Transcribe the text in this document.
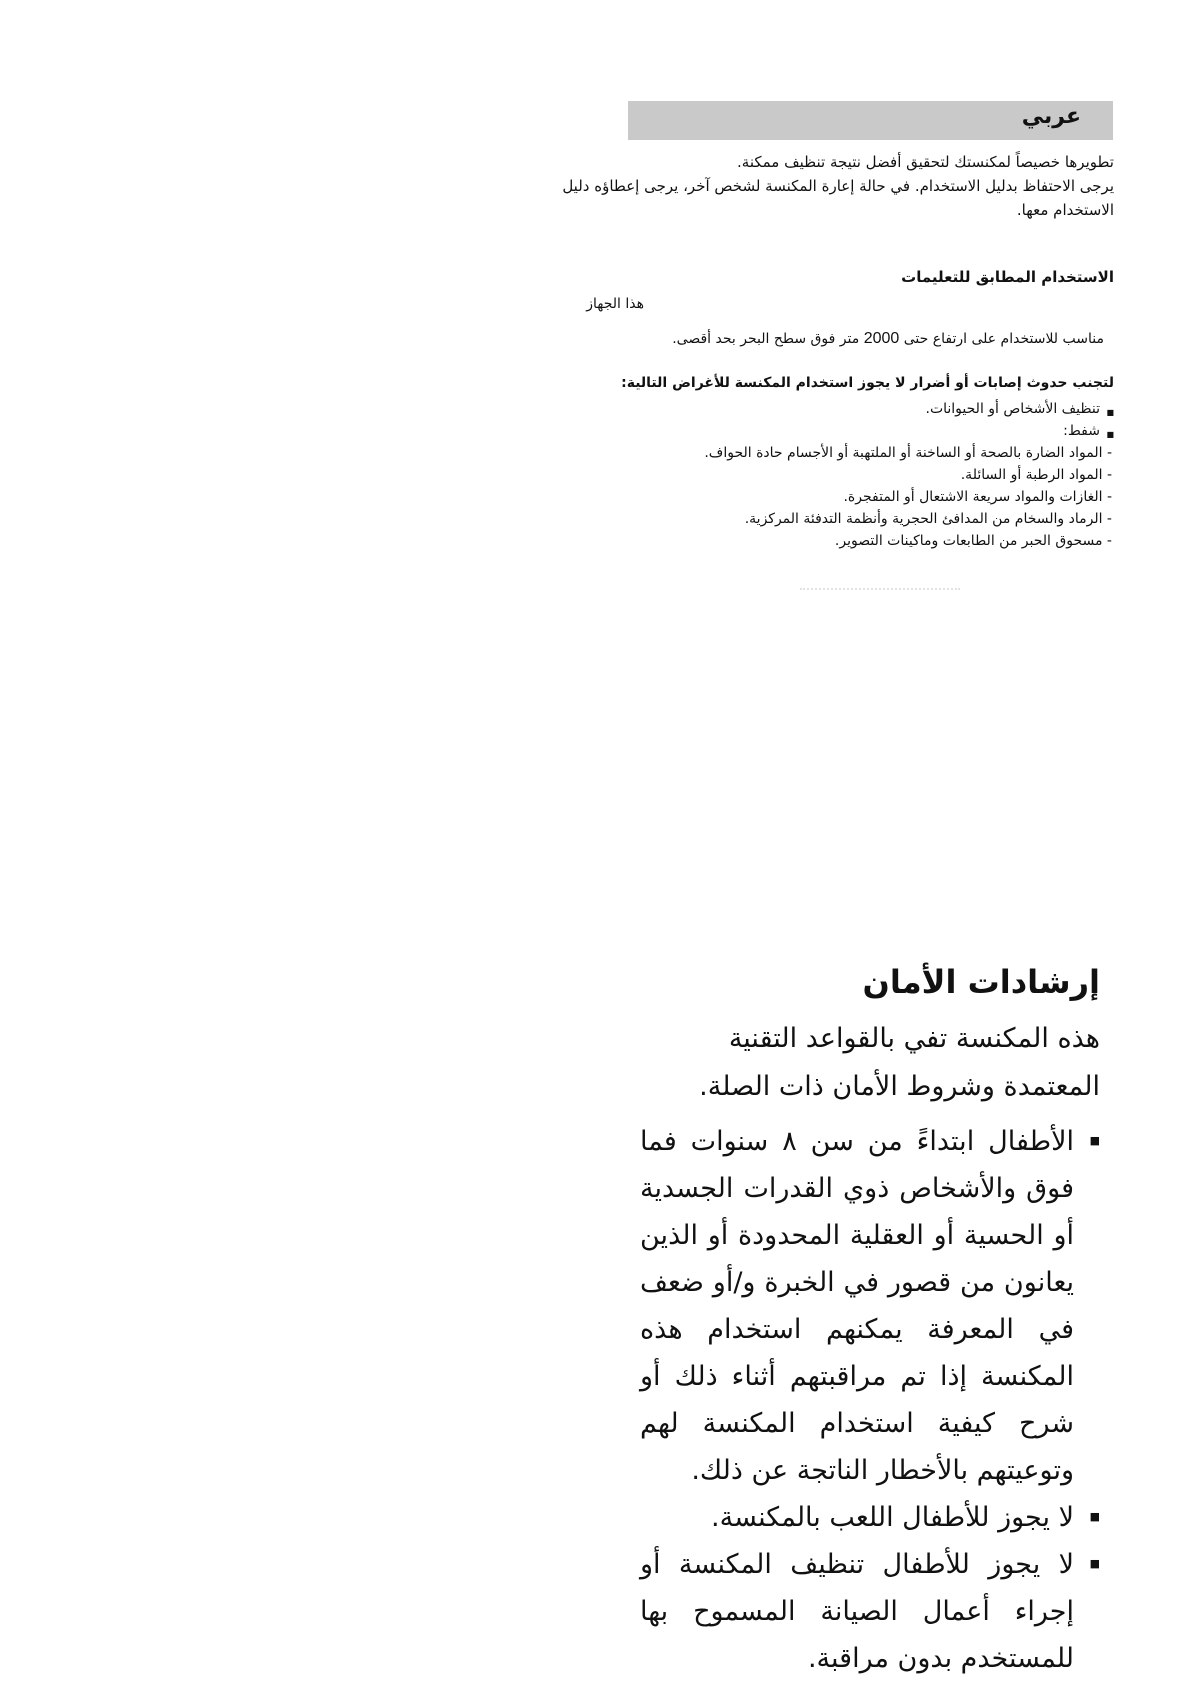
عربي

تطويرها خصيصاً لمكنستك لتحقيق أفضل نتيجة تنظيف ممكنة.

يرجى الاحتفاظ بدليل الاستخدام. في حالة إعارة المكنسة لشخص آخر، يرجى إعطاؤه دليل الاستخدام معها.

الاستخدام المطابق للتعليمات
هذا الجهاز
مناسب للاستخدام على ارتفاع حتى 2000 متر فوق سطح البحر بحد أقصى.
لتجنب حدوث إصابات أو أضرار لا يجوز استخدام المكنسة للأغراض التالية:
■ تنظيف الأشخاص أو الحيوانات.
■ شفط:
- المواد الضارة بالصحة أو الساخنة أو الملتهبة أو الأجسام حادة الحواف.
- المواد الرطبة أو السائلة.
- الغازات والمواد سريعة الاشتعال أو المتفجرة.
- الرماد والسخام من المدافئ الحجرية وأنظمة التدفئة المركزية.
- مسحوق الحبر من الطابعات وماكينات التصوير.
إرشادات الأمان
هذه المكنسة تفي بالقواعد التقنية المعتمدة وشروط الأمان ذات الصلة.
■ الأطفال ابتداءً من سن ٨ سنوات فما فوق والأشخاص ذوي القدرات الجسدية أو الحسية أو العقلية المحدودة أو الذين يعانون من قصور في الخبرة و/أو ضعف في المعرفة يمكنهم استخدام هذه المكنسة إذا تم مراقبتهم أثناء ذلك أو شرح كيفية استخدام المكنسة لهم وتوعيتهم بالأخطار الناتجة عن ذلك.
■ لا يجوز للأطفال اللعب بالمكنسة.
■ لا يجوز للأطفال تنظيف المكنسة أو إجراء أعمال الصيانة المسموح بها للمستخدم بدون مراقبة.
